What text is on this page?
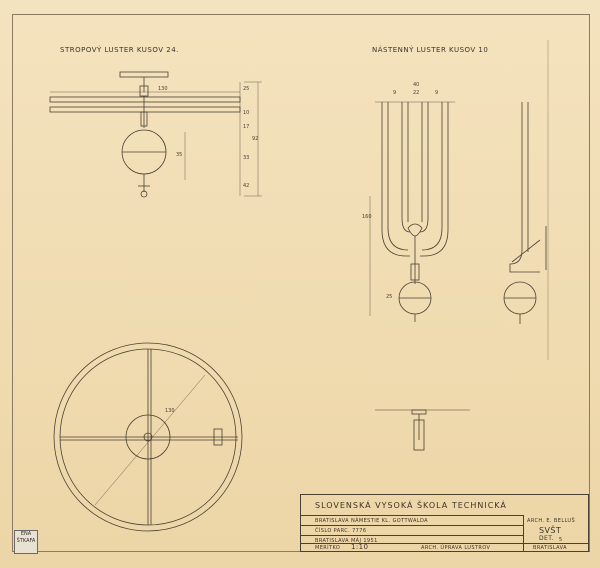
STROPOVÝ LUSTER KUSOV 24.	NÁSTENNÝ LUSTER KUSOV 10
130	25
10
17
92
35	33
42
40
9	22	9
160
25
130
SLOVENSKÁ VYSOKÁ ŠKOLA TECHNICKÁ
BRATISLAVA NÁMESTIE KL. GOTTWALDA
ČÍSLO PARC. 7776
BRATISLAVA MÁJ 1951
MERÍTKO 1:10	ARCH. ÚPRAVA LUSTROV
ARCH. E. BELLUŠ
SVŠT
DET. 5
BRATISLAVA
ENA
ŠTKAFA
